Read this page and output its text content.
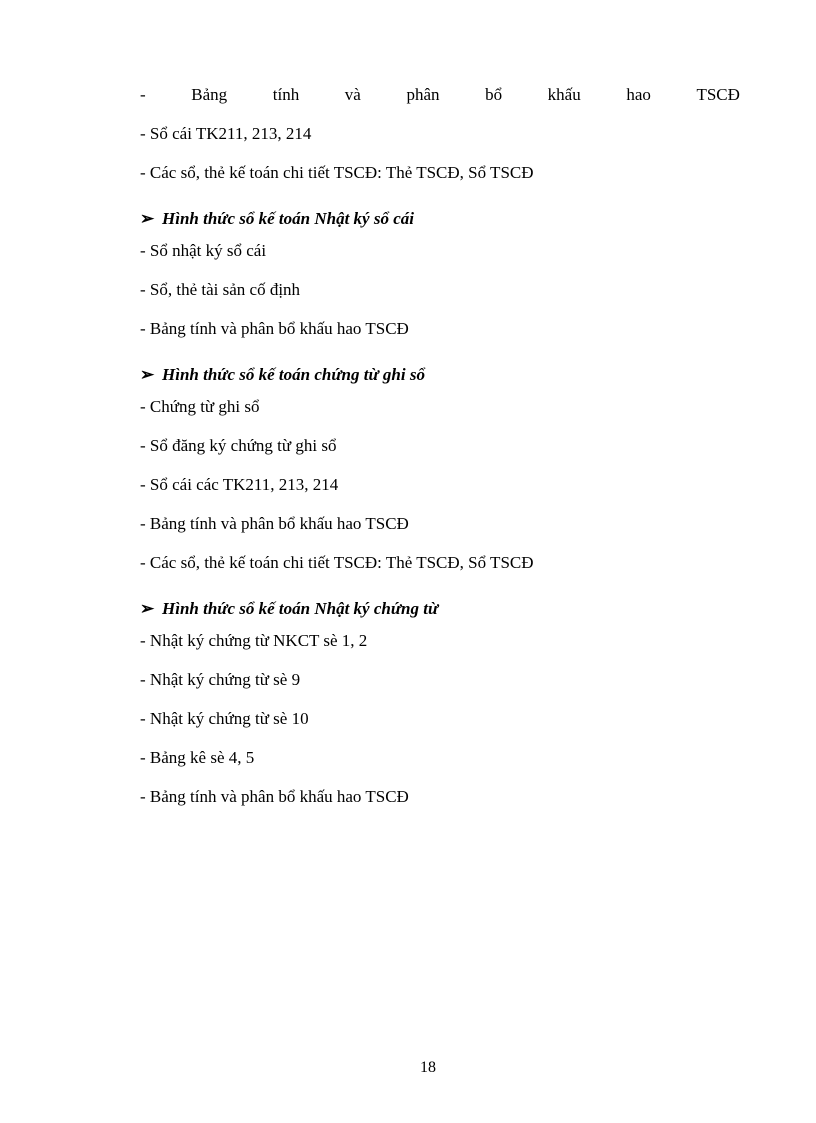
-	Bảng	tính	và	phân	bổ	khấu	hao	TSCĐ
- Sổ cái TK211, 213, 214
- Các sổ, thẻ kế toán chi tiết TSCĐ: Thẻ TSCĐ, Sổ TSCĐ
➢ Hình thức sổ kế toán Nhật ký sổ cái
- Sổ nhật ký sổ cái
- Sổ, thẻ tài sản cố định
- Bảng tính và phân bổ khấu hao TSCĐ
➢ Hình thức sổ kế toán chứng từ ghi sổ
- Chứng từ ghi sổ
- Sổ đăng ký chứng từ ghi sổ
- Sổ cái các TK211, 213, 214
- Bảng tính và phân bổ khấu hao TSCĐ
- Các sổ, thẻ kế toán chi tiết TSCĐ: Thẻ TSCĐ, Sổ TSCĐ
➢ Hình thức sổ kế toán Nhật ký chứng từ
- Nhật ký chứng từ NKCT sè 1, 2
- Nhật ký chứng từ sè 9
- Nhật ký chứng từ sè 10
- Bảng kê sè 4, 5
- Bảng tính và phân bổ khấu hao TSCĐ
18
